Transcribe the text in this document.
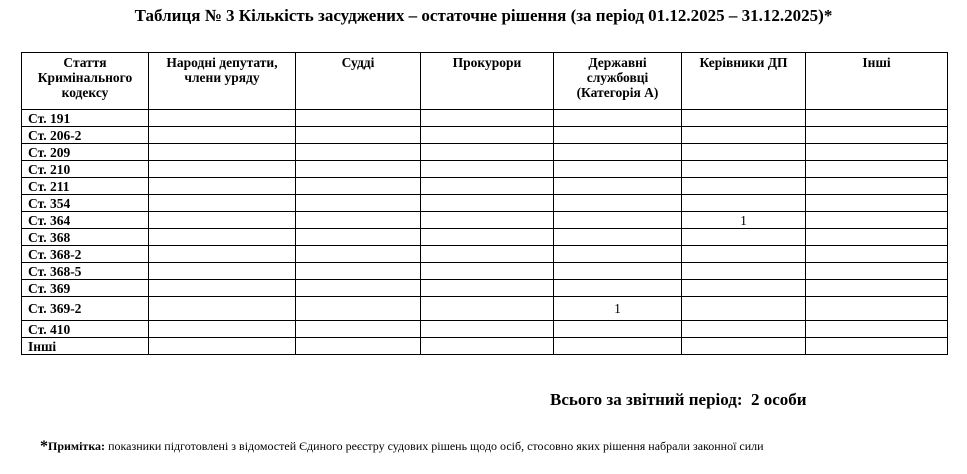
Таблиця № 3 Кількість засуджених – остаточне рішення (за період 01.12.2025 – 31.12.2025)*
Стаття Кримінального кодексу	Народні депутати, члени уряду	Судді	Прокурори	Державні службовці (Категорія А)	Керівники ДП	Інші
Ст. 191						
Ст. 206-2						
Ст. 209						
Ст. 210						
Ст. 211						
Ст. 354						
Ст. 364					1	
Ст. 368						
Ст. 368-2						
Ст. 368-5						
Ст. 369						
Ст. 369-2				1		
Ст. 410						
Інші						
Всього за звітний період:  2 особи
*Примітка: показники підготовлені з відомостей Єдиного реєстру судових рішень щодо осіб, стосовно яких рішення набрали законної сили
